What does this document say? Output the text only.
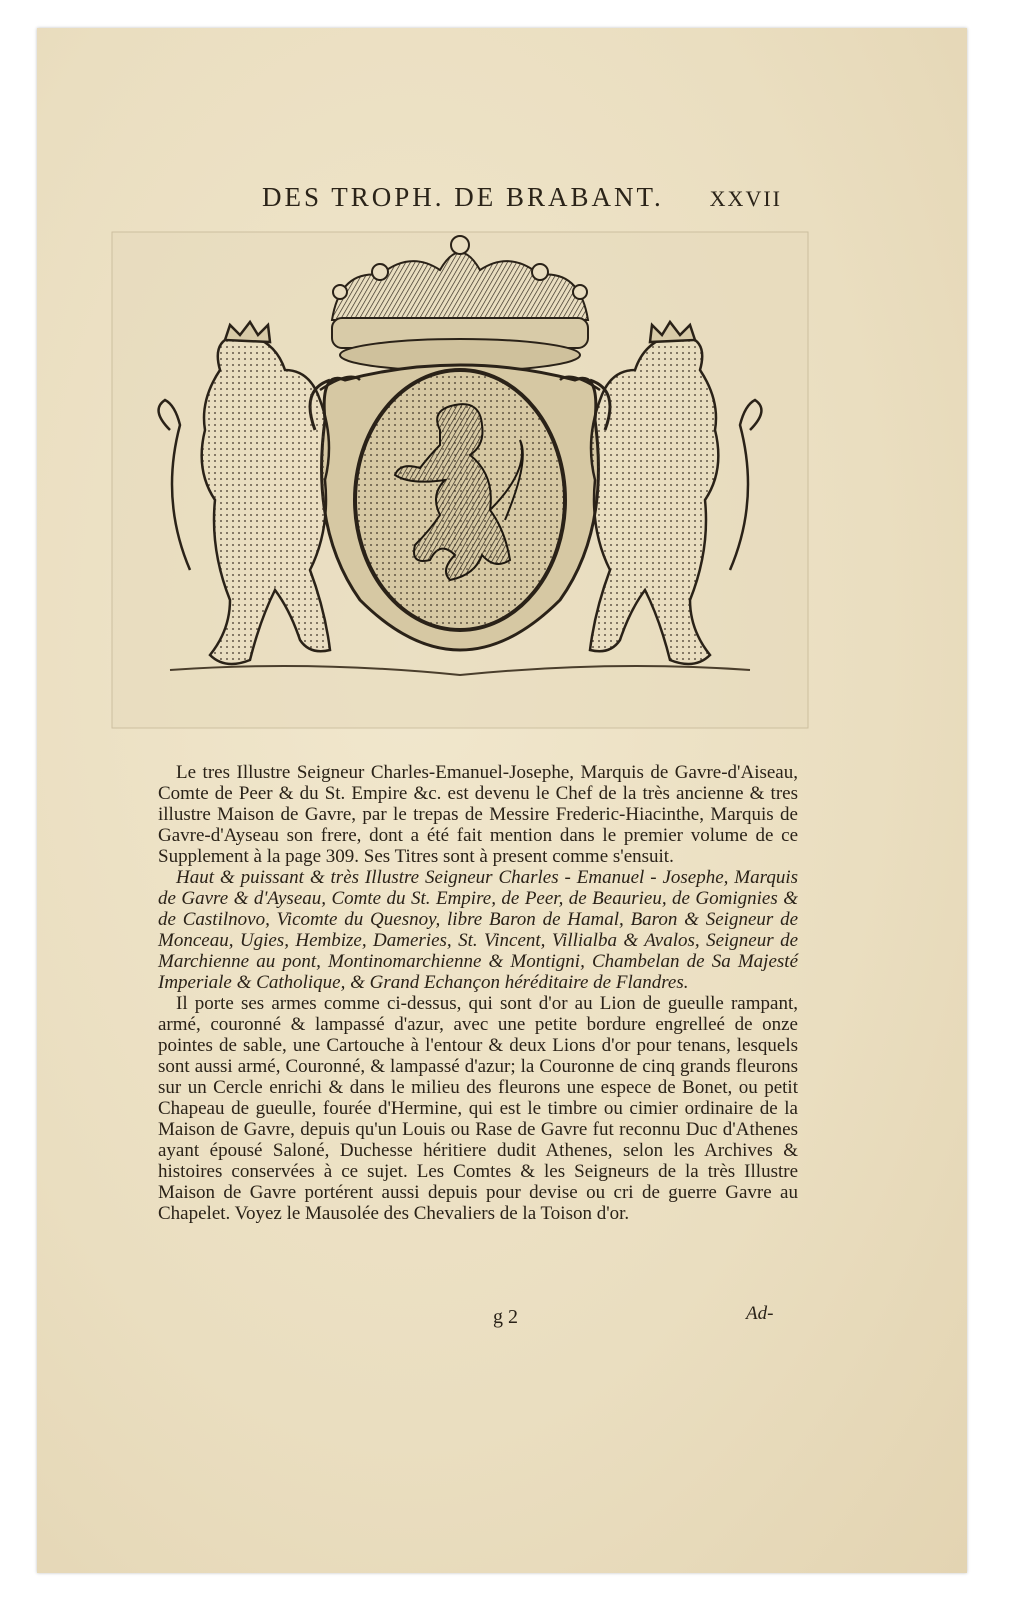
DES TROPH. DE BRABANT. XXVII

Le tres Illustre Seigneur Charles-Emanuel-Josephe, Marquis de Gavre-d'Aiseau, Comte de Peer & du St. Empire &c. est devenu le Chef de la très ancienne & tres illustre Maison de Gavre, par le trepas de Messire Frederic-Hiacinthe, Marquis de Gavre-d'Ayseau son frere, dont a été fait mention dans le premier volume de ce Supplement à la page 309. Ses Titres sont à present comme s'ensuit.

Haut & puissant & très Illustre Seigneur Charles - Emanuel - Josephe, Marquis de Gavre & d'Ayseau, Comte du St. Empire, de Peer, de Beaurieu, de Gomignies & de Castilnovo, Vicomte du Quesnoy, libre Baron de Hamal, Baron & Seigneur de Monceau, Ugies, Hembize, Dameries, St. Vincent, Villialba & Avalos, Seigneur de Marchienne au pont, Montinomarchienne & Montigni, Chambelan de Sa Majesté Imperiale & Catholique, & Grand Echançon héréditaire de Flandres.

Il porte ses armes comme ci-dessus, qui sont d'or au Lion de gueulle rampant, armé, couronné & lampassé d'azur, avec une petite bordure engrelleé de onze pointes de sable, une Cartouche à l'entour & deux Lions d'or pour tenans, lesquels sont aussi armé, Couronné, & lampassé d'azur; la Couronne de cinq grands fleurons sur un Cercle enrichi & dans le milieu des fleurons une espece de Bonet, ou petit Chapeau de gueulle, fourée d'Hermine, qui est le timbre ou cimier ordinaire de la Maison de Gavre, depuis qu'un Louis ou Rase de Gavre fut reconnu Duc d'Athenes ayant épousé Saloné, Duchesse héritiere dudit Athenes, selon les Archives & histoires conservées à ce sujet. Les Comtes & les Seigneurs de la très Illustre Maison de Gavre portérent aussi depuis pour devise ou cri de guerre Gavre au Chapelet. Voyez le Mausolée des Chevaliers de la Toison d'or.

g 2	Ad-
